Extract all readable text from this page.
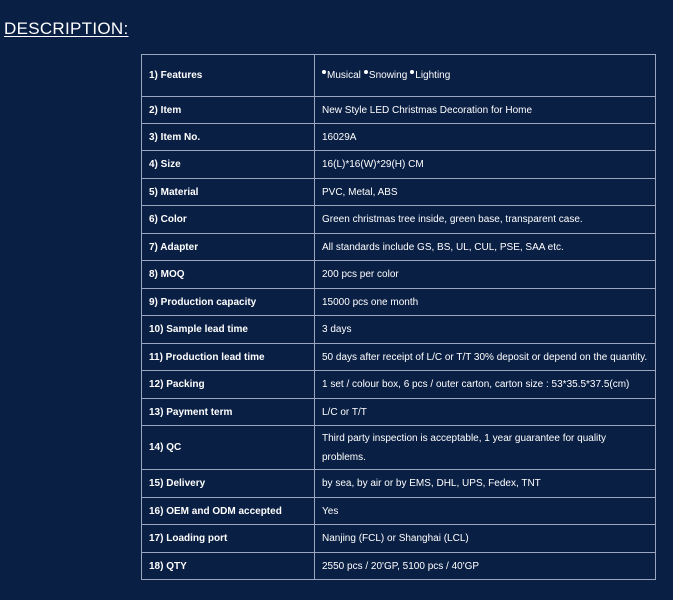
DESCRIPTION:
1) Features	Musical Snowing Lighting
2) Item	New Style LED Christmas Decoration for Home
3) Item No.	16029A
4) Size	16(L)*16(W)*29(H) CM
5) Material	PVC, Metal, ABS
6) Color	Green christmas tree inside, green base, transparent case.
7) Adapter	All standards include GS, BS, UL, CUL, PSE, SAA etc.
8) MOQ	200 pcs per color
9) Production capacity	15000 pcs one month
10) Sample lead time	3 days
11) Production lead time	50 days after receipt of L/C or T/T 30% deposit or depend on the quantity.
12) Packing	1 set / colour box, 6 pcs / outer carton, carton size : 53*35.5*37.5(cm)
13) Payment term	L/C or T/T
14) QC	Third party inspection is acceptable, 1 year guarantee for quality problems.
15) Delivery	by sea, by air or by EMS, DHL, UPS, Fedex, TNT
16) OEM and ODM accepted	Yes
17) Loading port	Nanjing (FCL) or Shanghai (LCL)
18) QTY	2550 pcs / 20'GP, 5100 pcs / 40'GP
